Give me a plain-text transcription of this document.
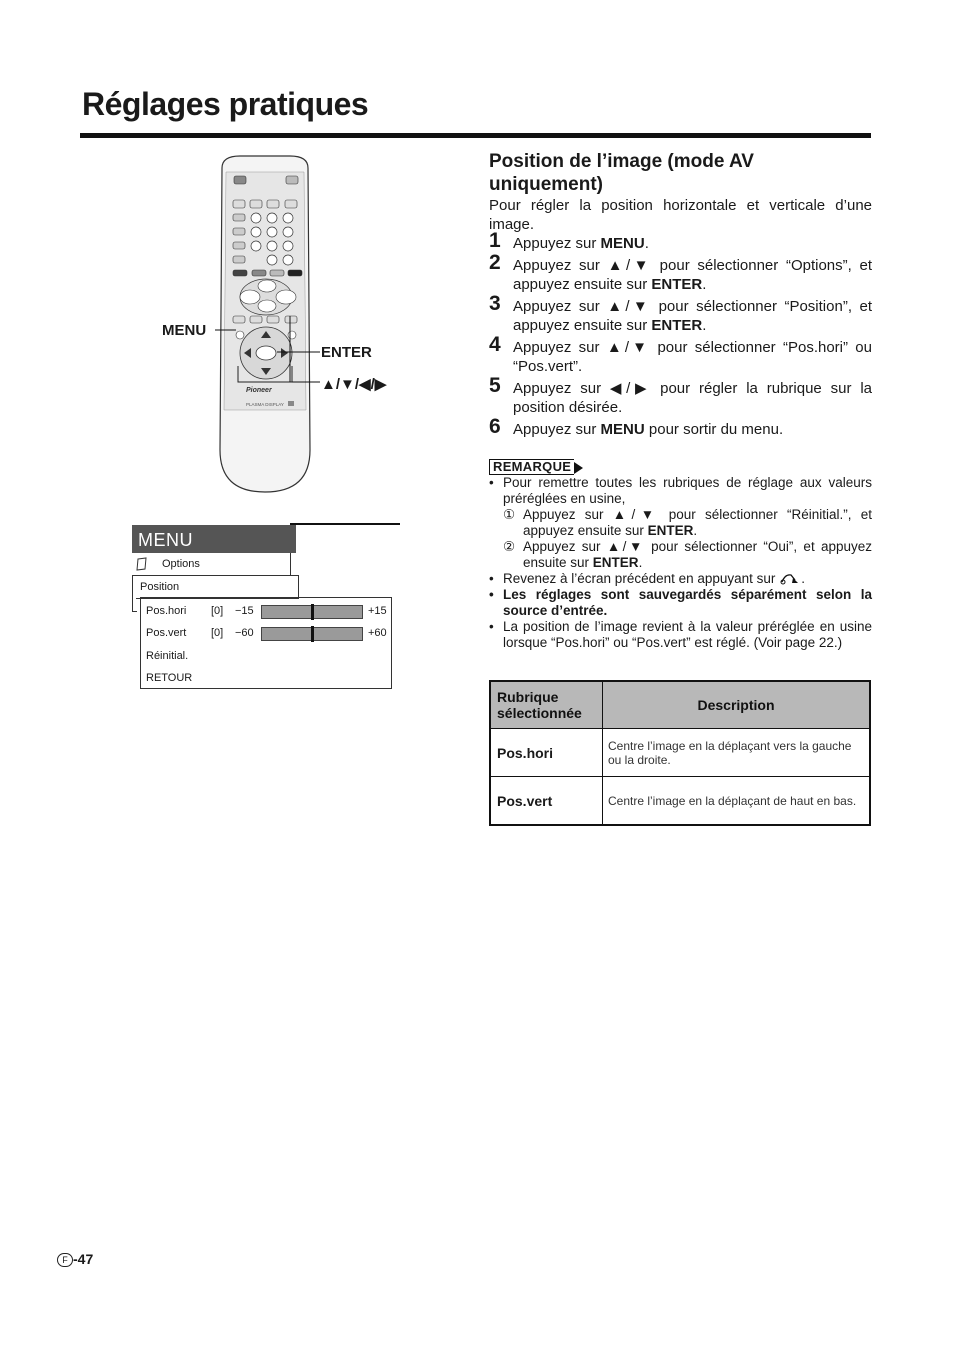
Réglages pratiques
Pioneer
PLASMA DISPLAY
MENU
ENTER
▲/▼/◀/▶
MENU
Options
Position
Pos.hori [0] −15	+15
Pos.vert [0] −60	+60
Réinitial.
RETOUR
Position de l’image (mode AV uniquement)
Pour régler la position horizontale et verticale d’une image.
1 Appuyez sur MENU.
2 Appuyez sur ▲/▼ pour sélectionner “Options”, et appuyez ensuite sur ENTER.
3 Appuyez sur ▲/▼ pour sélectionner “Position”, et appuyez ensuite sur ENTER.
4 Appuyez sur ▲/▼ pour sélectionner “Pos.hori” ou “Pos.vert”.
5 Appuyez sur ◀/▶ pour régler la rubrique sur la position désirée.
6 Appuyez sur MENU pour sortir du menu.
REMARQUE
• Pour remettre toutes les rubriques de réglage aux valeurs préréglées en usine,
① Appuyez sur ▲/▼ pour sélectionner “Réinitial.”, et appuyez ensuite sur ENTER.
② Appuyez sur ▲/▼ pour sélectionner “Oui”, et appuyez ensuite sur ENTER.
• Revenez à l’écran précédent en appuyant sur .
• Les réglages sont sauvegardés séparément selon la source d’entrée.
• La position de l’image revient à la valeur préréglée en usine lorsque “Pos.hori” ou “Pos.vert” est réglé. (Voir page 22.)
Rubrique sélectionnée	Description
Pos.hori	Centre l’image en la déplaçant vers la gauche ou la droite.
Pos.vert	Centre l’image en la déplaçant de haut en bas.
F -47
